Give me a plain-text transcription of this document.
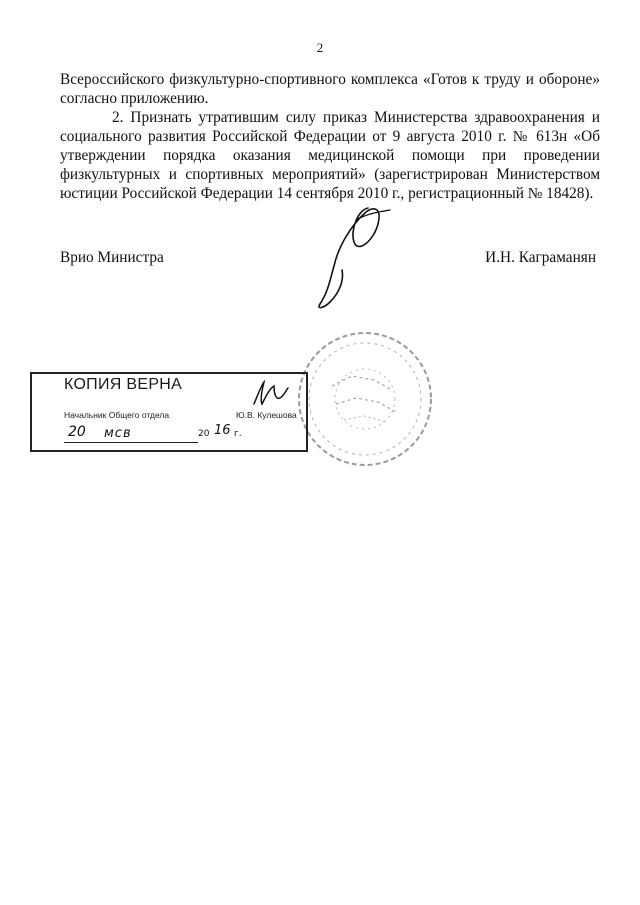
2

Всероссийского физкультурно-спортивного комплекса «Готов к труду и обороне» согласно приложению.

2. Признать утратившим силу приказ Министерства здравоохранения и социального развития Российской Федерации от 9 августа 2010 г. № 613н «Об утверждении порядка оказания медицинской помощи при проведении физкультурных и спортивных мероприятий» (зарегистрирован Министерством юстиции Российской Федерации 14 сентября 2010 г., регистрационный № 18428).

Врио Министра	И.Н. Каграманян
КОПИЯ ВЕРНА
Начальник Общего отдела	Ю.В. Кулешова
20 мсв	20 16 г.
